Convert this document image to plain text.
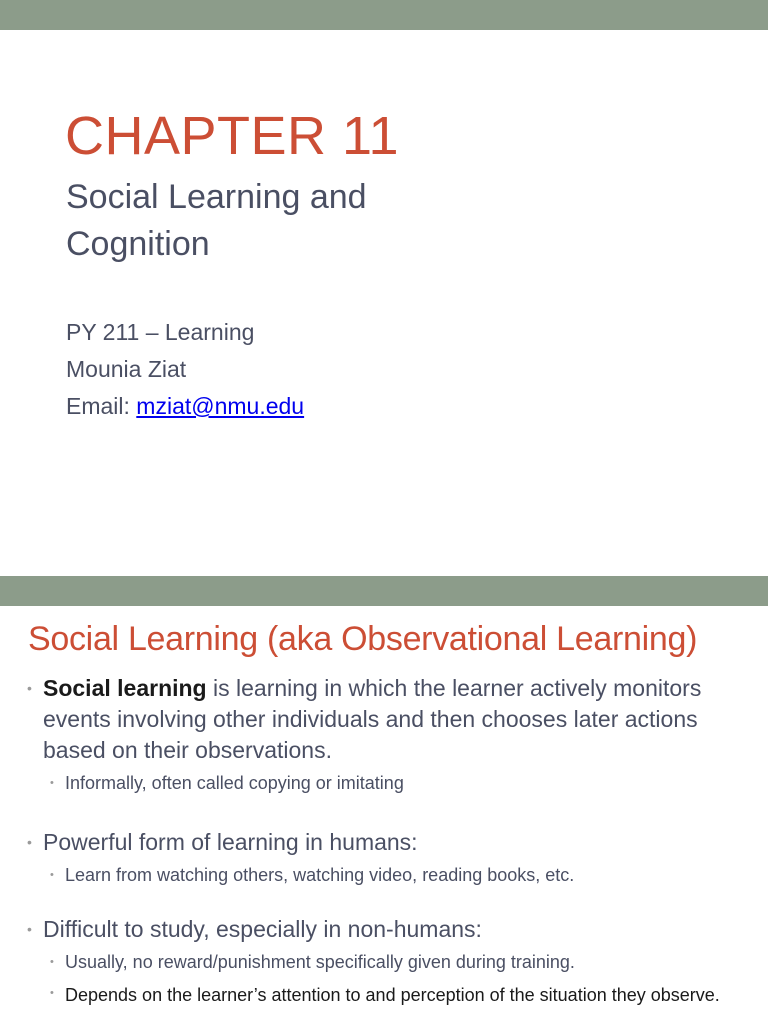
CHAPTER 11
Social Learning and
Cognition
PY 211 – Learning
Mounia Ziat
Email: mziat@nmu.edu
Social Learning (aka Observational Learning)
• Social learning is learning in which the learner actively monitors events involving other individuals and then chooses later actions based on their observations.
• Informally, often called copying or imitating
• Powerful form of learning in humans:
• Learn from watching others, watching video, reading books, etc.
• Difficult to study, especially in non-humans:
• Usually, no reward/punishment specifically given during training.
• Depends on the learner’s attention to and perception of the situation they observe.
